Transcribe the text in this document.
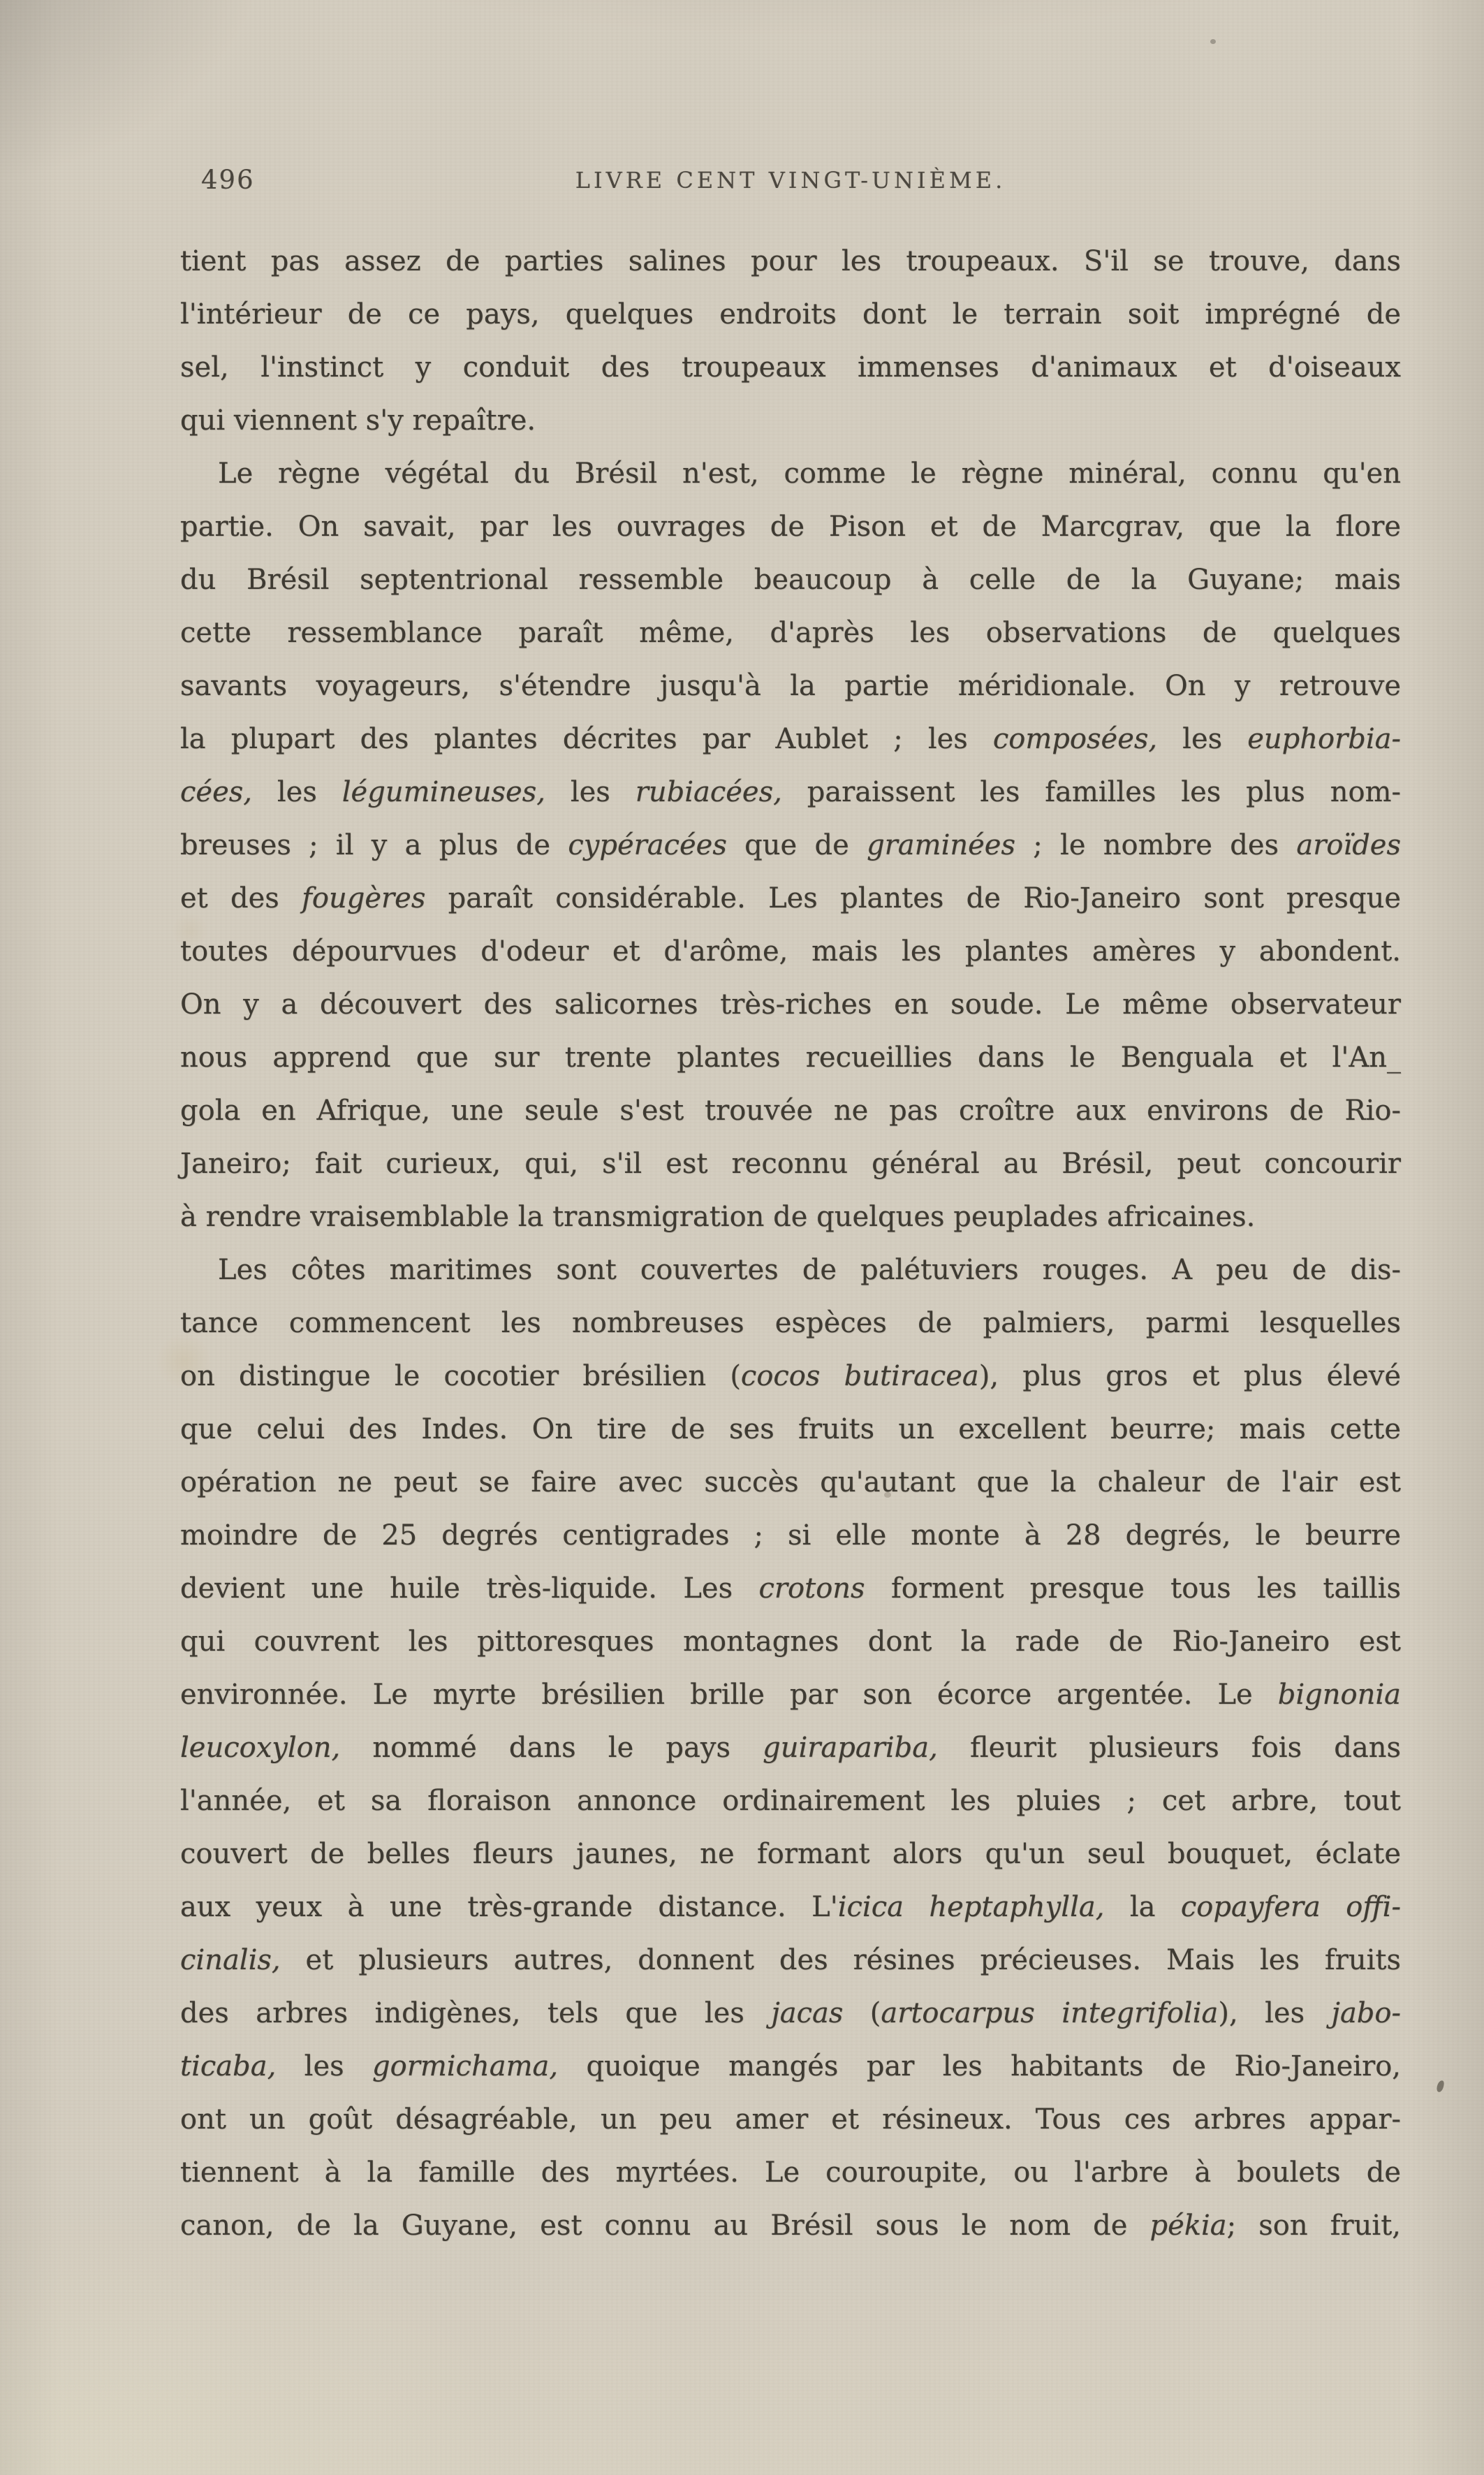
496	LIVRE CENT VINGT-UNIÈME.
tient pas assez de parties salines pour les troupeaux. S'il se trouve, dans
l'intérieur de ce pays, quelques endroits dont le terrain soit imprégné de
sel, l'instinct y conduit des troupeaux immenses d'animaux et d'oiseaux
qui viennent s'y repaître.
Le règne végétal du Brésil n'est, comme le règne minéral, connu qu'en
partie. On savait, par les ouvrages de Pison et de Marcgrav, que la flore
du Brésil septentrional ressemble beaucoup à celle de la Guyane; mais
cette ressemblance paraît même, d'après les observations de quelques
savants voyageurs, s'étendre jusqu'à la partie méridionale. On y retrouve
la plupart des plantes décrites par Aublet ; les composées, les euphorbia-
cées, les légumineuses, les rubiacées, paraissent les familles les plus nom-
breuses ; il y a plus de cypéracées que de graminées ; le nombre des aroïdes
et des fougères paraît considérable. Les plantes de Rio-Janeiro sont presque
toutes dépourvues d'odeur et d'arôme, mais les plantes amères y abondent.
On y a découvert des salicornes très-riches en soude. Le même observateur
nous apprend que sur trente plantes recueillies dans le Benguala et l'An_
gola en Afrique, une seule s'est trouvée ne pas croître aux environs de Rio-
Janeiro; fait curieux, qui, s'il est reconnu général au Brésil, peut concourir
à rendre vraisemblable la transmigration de quelques peuplades africaines.
Les côtes maritimes sont couvertes de palétuviers rouges. A peu de dis-
tance commencent les nombreuses espèces de palmiers, parmi lesquelles
on distingue le cocotier brésilien (cocos butiracea), plus gros et plus élevé
que celui des Indes. On tire de ses fruits un excellent beurre; mais cette
opération ne peut se faire avec succès qu'autant que la chaleur de l'air est
moindre de 25 degrés centigrades ; si elle monte à 28 degrés, le beurre
devient une huile très-liquide. Les crotons forment presque tous les taillis
qui couvrent les pittoresques montagnes dont la rade de Rio-Janeiro est
environnée. Le myrte brésilien brille par son écorce argentée. Le bignonia
leucoxylon, nommé dans le pays guirapariba, fleurit plusieurs fois dans
l'année, et sa floraison annonce ordinairement les pluies ; cet arbre, tout
couvert de belles fleurs jaunes, ne formant alors qu'un seul bouquet, éclate
aux yeux à une très-grande distance. L'icica heptaphylla, la copayfera offi-
cinalis, et plusieurs autres, donnent des résines précieuses. Mais les fruits
des arbres indigènes, tels que les jacas (artocarpus integrifolia), les jabo-
ticaba, les gormichama, quoique mangés par les habitants de Rio-Janeiro,
ont un goût désagréable, un peu amer et résineux. Tous ces arbres appar-
tiennent à la famille des myrtées. Le couroupite, ou l'arbre à boulets de
canon, de la Guyane, est connu au Brésil sous le nom de pékia; son fruit,
